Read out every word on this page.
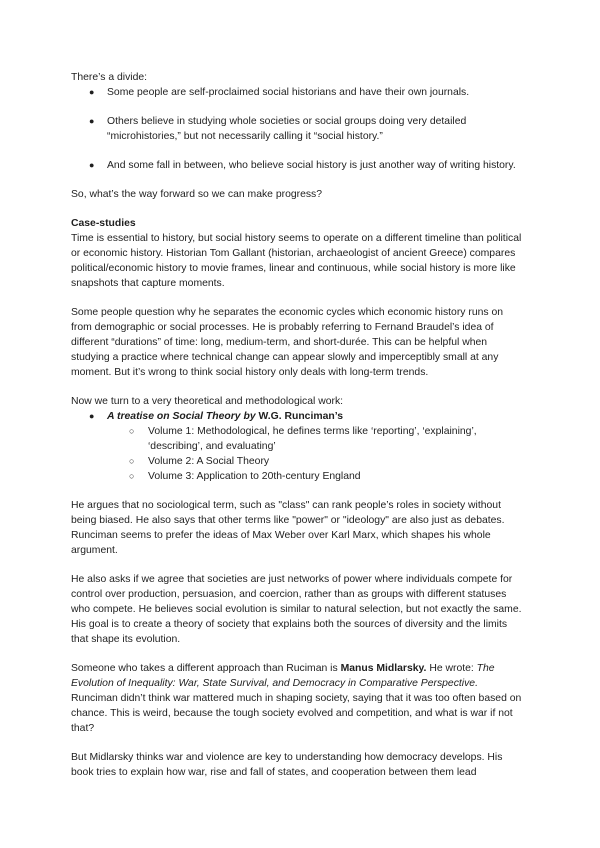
There’s a divide:

● Some people are self-proclaimed social historians and have their own journals.
● Others believe in studying whole societies or social groups doing very detailed “microhistories,” but not necessarily calling it “social history.”
● And some fall in between, who believe social history is just another way of writing history.

So, what’s the way forward so we can make progress?

Case-studies

Time is essential to history, but social history seems to operate on a different timeline than political or economic history. Historian Tom Gallant (historian, archaeologist of ancient Greece) compares political/economic history to movie frames, linear and continuous, while social history is more like snapshots that capture moments.

Some people question why he separates the economic cycles which economic history runs on from demographic or social processes. He is probably referring to Fernand Braudel’s idea of different “durations” of time: long, medium-term, and short-durée. This can be helpful when studying a practice where technical change can appear slowly and imperceptibly small at any moment. But it’s wrong to think social history only deals with long-term trends.

Now we turn to a very theoretical and methodological work:

● A treatise on Social Theory by W.G. Runciman’s
○ Volume 1: Methodological, he defines terms like ‘reporting’, ‘explaining’, ‘describing’, and evaluating’
○ Volume 2: A Social Theory
○ Volume 3: Application to 20th-century England

He argues that no sociological term, such as "class" can rank people’s roles in society without being biased. He also says that other terms like "power" or "ideology" are also just as debates. Runciman seems to prefer the ideas of Max Weber over Karl Marx, which shapes his whole argument.

He also asks if we agree that societies are just networks of power where individuals compete for control over production, persuasion, and coercion, rather than as groups with different statuses who compete. He believes social evolution is similar to natural selection, but not exactly the same. His goal is to create a theory of society that explains both the sources of diversity and the limits that shape its evolution.

Someone who takes a different approach than Ruciman is Manus Midlarsky. He wrote: The Evolution of Inequality: War, State Survival, and Democracy in Comparative Perspective. Runciman didn’t think war mattered much in shaping society, saying that it was too often based on chance. This is weird, because the tough society evolved and competition, and what is war if not that?

But Midlarsky thinks war and violence are key to understanding how democracy develops. His book tries to explain how war, rise and fall of states, and cooperation between them lead
